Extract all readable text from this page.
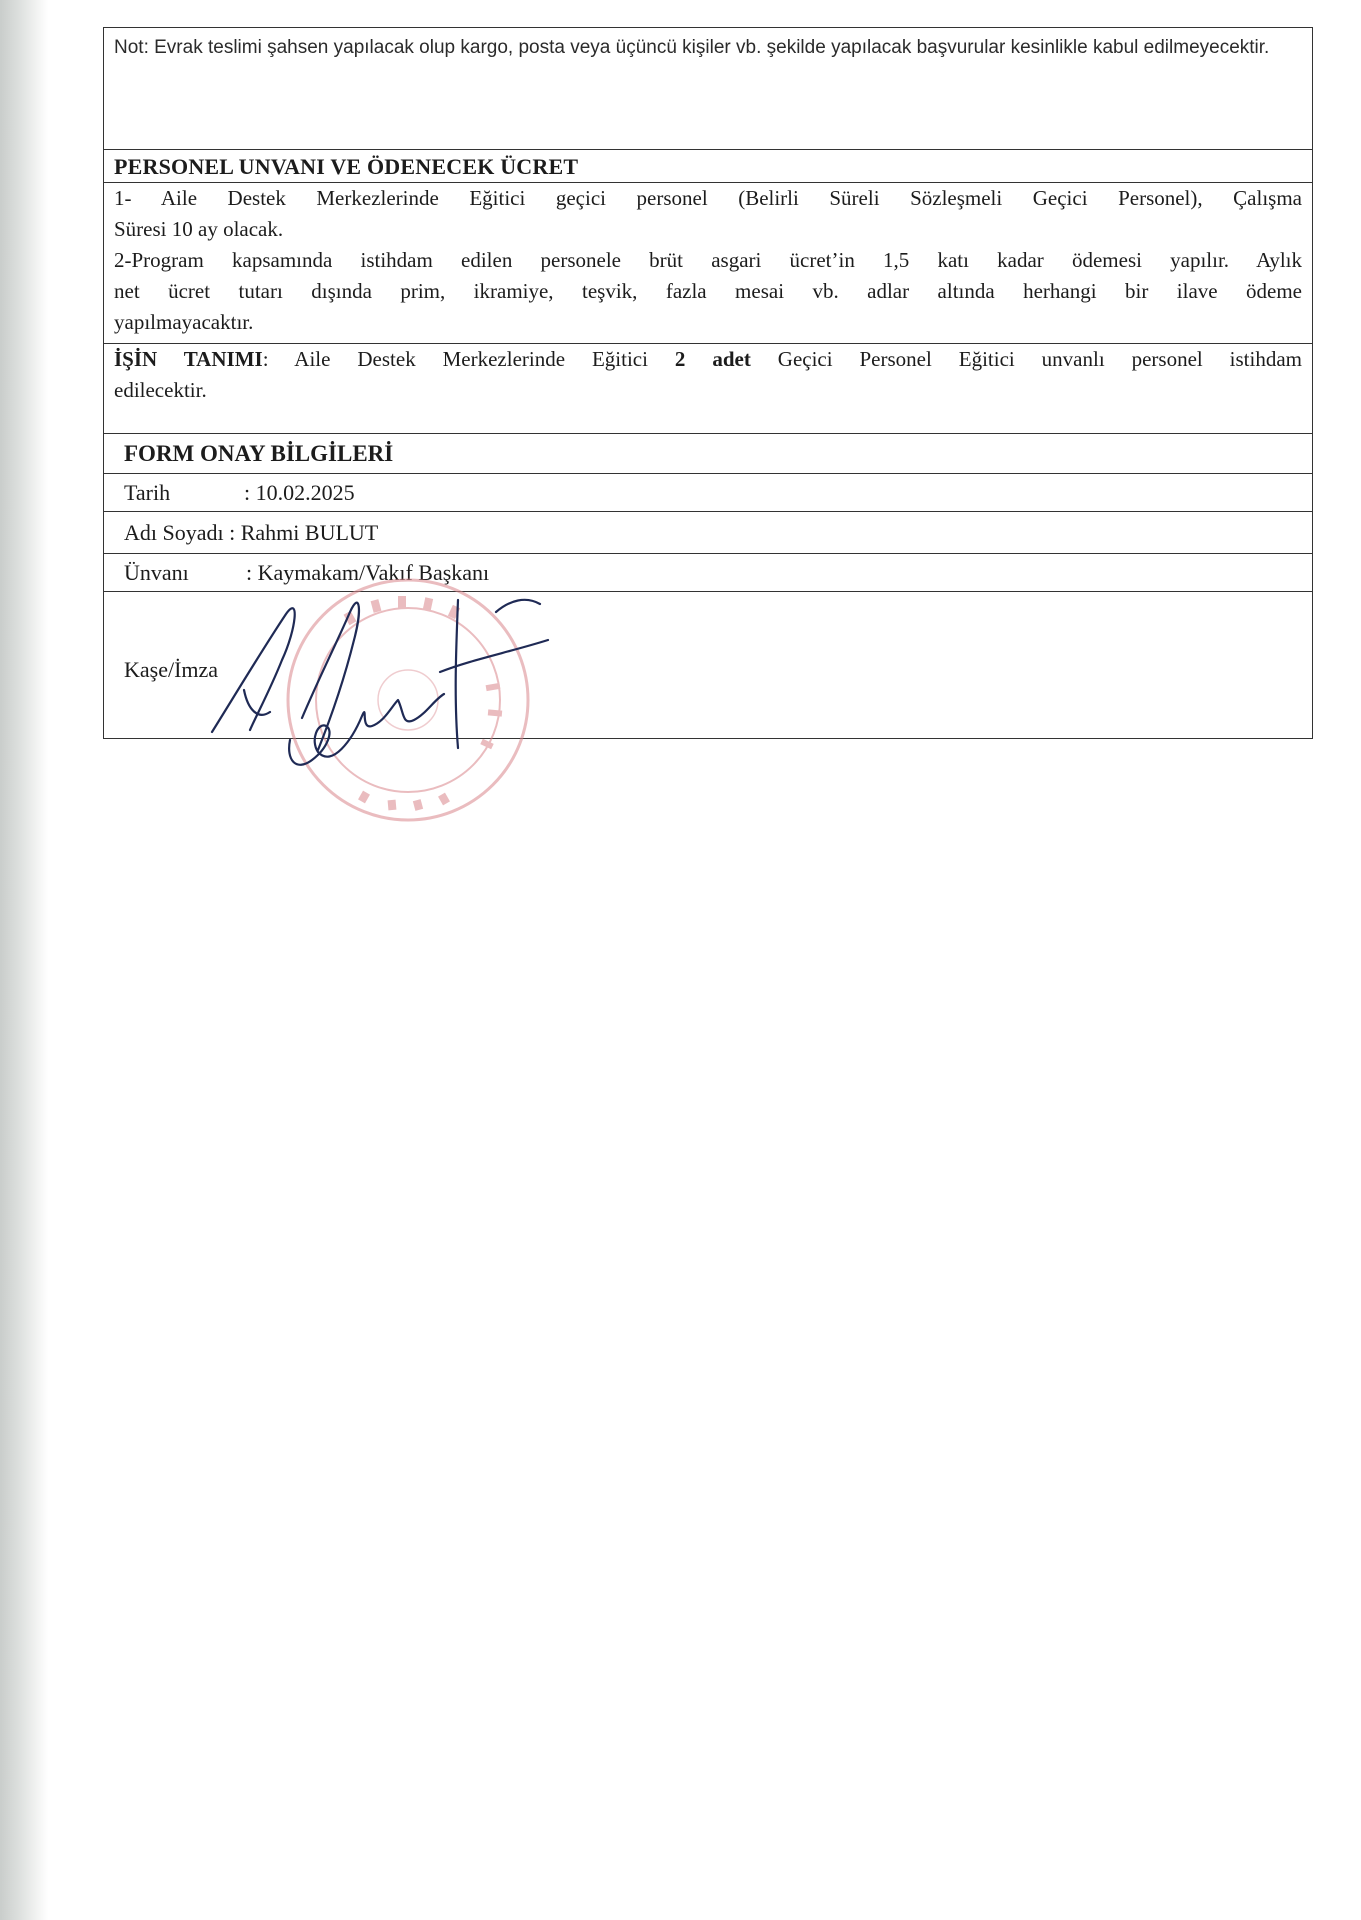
Not: Evrak teslimi şahsen yapılacak olup kargo, posta veya üçüncü kişiler vb. şekilde yapılacak başvurular kesinlikle kabul edilmeyecektir.
PERSONEL UNVANI VE ÖDENECEK ÜCRET
1- Aile Destek Merkezlerinde Eğitici geçici personel (Belirli Süreli Sözleşmeli Geçici Personel), Çalışma
Süresi 10 ay olacak.
2-Program kapsamında istihdam edilen personele brüt asgari ücret’in 1,5 katı kadar ödemesi yapılır. Aylık
net ücret tutarı dışında prim, ikramiye, teşvik, fazla mesai vb. adlar altında herhangi bir ilave ödeme
yapılmayacaktır.
İŞİN TANIMI: Aile Destek Merkezlerinde Eğitici 2 adet Geçici Personel Eğitici unvanlı personel istihdam
edilecektir.
FORM ONAY BİLGİLERİ
Tarih	: 10.02.2025
Adı Soyadı : Rahmi BULUT
Ünvanı	: Kaymakam/Vakıf Başkanı
Kaşe/İmza
